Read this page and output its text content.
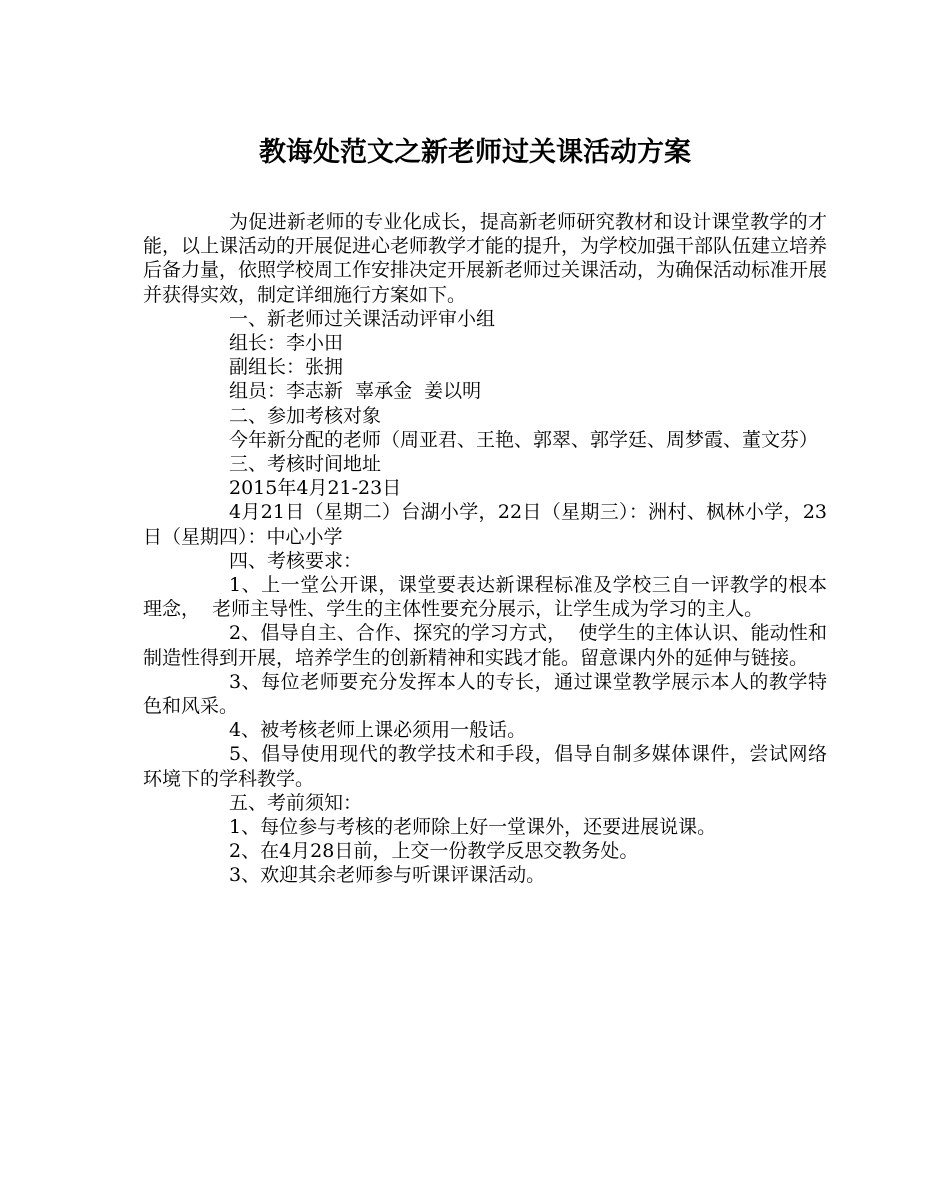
教诲处范文之新老师过关课活动方案

为促进新老师的专业化成长，提高新老师研究教材和设计课堂教学的才能，以上课活动的开展促进心老师教学才能的提升，为学校加强干部队伍建立培养后备力量，依照学校周工作安排决定开展新老师过关课活动，为确保活动标准开展并获得实效，制定详细施行方案如下。

一、新老师过关课活动评审小组

组长：李小田

副组长：张拥

组员：李志新  辜承金  姜以明

二、参加考核对象

今年新分配的老师（周亚君、王艳、郭翠、郭学廷、周梦霞、董文芬）

三、考核时间地址

2015年4月21-23日

4月21日（星期二）台湖小学，22日（星期三）：洲村、枫林小学，23日（星期四）：中心小学

四、考核要求：

1、上一堂公开课，课堂要表达新课程标准及学校三自一评教学的根本理念，  老师主导性、学生的主体性要充分展示，让学生成为学习的主人。

2、倡导自主、合作、探究的学习方式，  使学生的主体认识、能动性和制造性得到开展，培养学生的创新精神和实践才能。留意课内外的延伸与链接。

3、每位老师要充分发挥本人的专长，通过课堂教学展示本人的教学特色和风采。

4、被考核老师上课必须用一般话。

5、倡导使用现代的教学技术和手段，倡导自制多媒体课件，尝试网络环境下的学科教学。

五、考前须知：

1、每位参与考核的老师除上好一堂课外，还要进展说课。

2、在4月28日前，上交一份教学反思交教务处。

3、欢迎其余老师参与听课评课活动。
